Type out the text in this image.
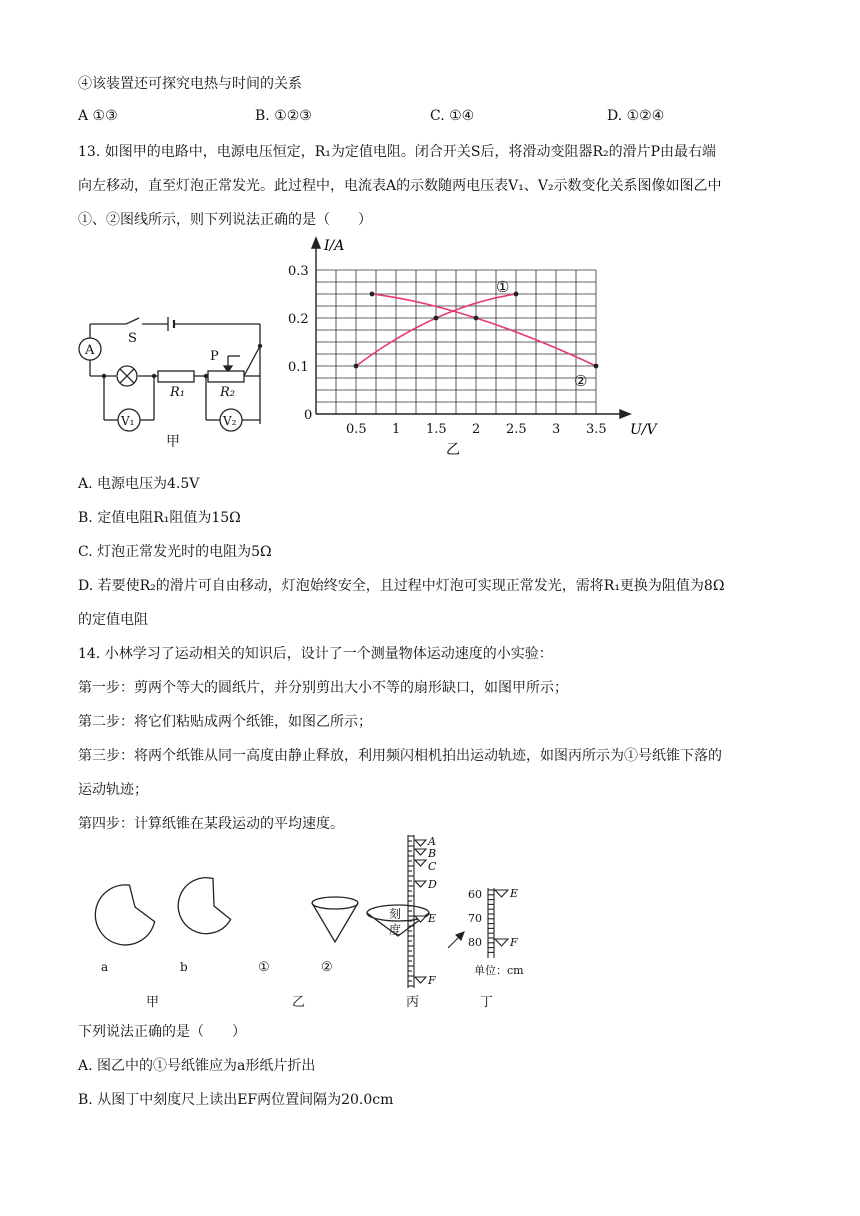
④该装置还可探究电热与时间的关系
A ①③	B. ①②③	C. ①④	D. ①②④
13. 如图甲的电路中，电源电压恒定，R₁为定值电阻。闭合开关S后，将滑动变阻器R₂的滑片P由最右端
向左移动，直至灯泡正常发光。此过程中，电流表A的示数随两电压表V₁、V₂示数变化关系图像如图乙中
①、②图线所示，则下列说法正确的是（　　）
S
A	P
R₁	R₂
V₁	V₂
甲
0.5 1 1.5 2 2.5 3 3.5
0
0.1
0.2
0.3
①
②
U/V
I/A
乙
A. 电源电压为4.5V
B. 定值电阻R₁阻值为15Ω
C. 灯泡正常发光时的电阻为5Ω
D. 若要使R₂的滑片可自由移动，灯泡始终安全，且过程中灯泡可实现正常发光，需将R₁更换为阻值为8Ω
的定值电阻
14. 小林学习了运动相关的知识后，设计了一个测量物体运动速度的小实验：
第一步：剪两个等大的圆纸片，并分别剪出大小不等的扇形缺口，如图甲所示；
第二步：将它们粘贴成两个纸锥，如图乙所示；
第三步：将两个纸锥从同一高度由静止释放，利用频闪相机拍出运动轨迹，如图丙所示为①号纸锥下落的
运动轨迹；
第四步：计算纸锥在某段运动的平均速度。
a	b	①	②
甲	乙	丙	丁
刻
度
A
B
C
D
E
F
E
F
60
70
80
单位：cm
下列说法正确的是（　　）
A. 图乙中的①号纸锥应为a形纸片折出
B. 从图丁中刻度尺上读出EF两位置间隔为20.0cm
